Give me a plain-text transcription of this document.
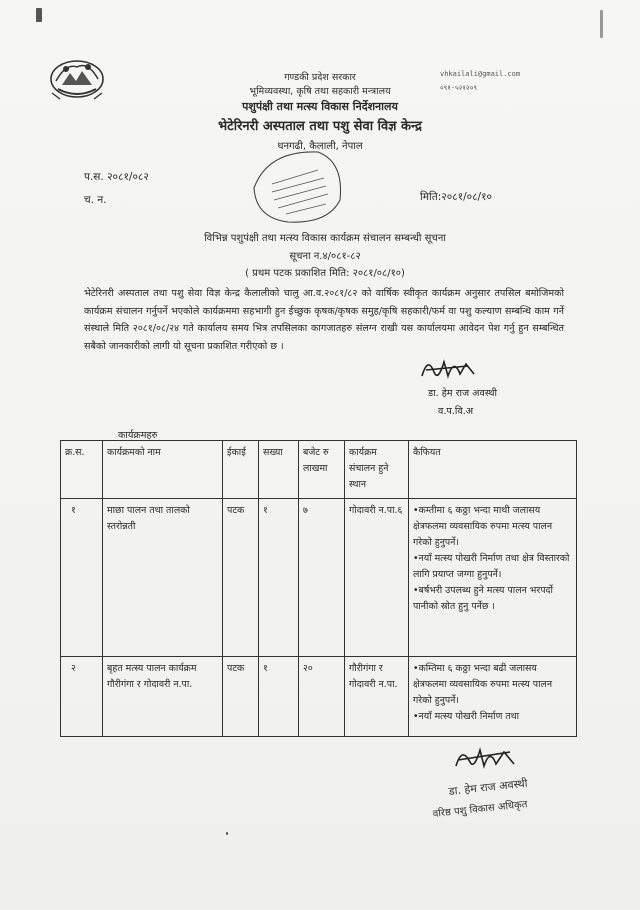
गण्डकी प्रदेश सरकार
भूमिव्यवस्था, कृषि तथा सहकारी मन्त्रालय
पशुपंक्षी तथा मत्स्य विकास निर्देशनालय
भेटेरिनरी अस्पताल तथा पशु सेवा विज्ञ केन्द्र
धनगढी, कैलाली, नेपाल
vhkailali@gmail.com
०९१-५२१२०९
प.स. २०८१/०८२
च. न.	मिति:२०८१/०८/१०
विभिन्न पशुपंक्षी तथा मत्स्य विकास कार्यक्रम संचालन सम्बन्धी सूचना
सूचना न.४/०८१-८२
( प्रथम पटक प्रकाशित मिति: २०८१/०८/१०)
भेटेरिनरी अस्पताल तथा पशु सेवा विज्ञ केन्द्र कैलालीको चालु आ.व.२०८१/८२ को वार्षिक स्वीकृत कार्यक्रम अनुसार तपसिल बमोजिमको कार्यक्रम संचालन गर्नुपर्ने भएकोले कार्यक्रममा सहभागी हुन ईच्छुक कृषक/कृषक समुह/कृषि सहकारी/फर्म वा पशु कल्याण सम्बन्धि काम गर्ने संस्थाले मिति २०८१/०८/२४ गते कार्यालय समय भित्र तपसिलका कागजातहरु संलग्न राखी यस कार्यालयमा आवेदन पेश गर्नु हुन सम्बन्धित सबैको जानकारीको लागी यो सूचना प्रकाशित गरीएको छ ।
डा. हेम राज अवस्थी
व.प.वि.अ
कार्यक्रमहरु
क्र.स.	कार्यक्रमको नाम	ईकाई	सख्या	बजेट रु लाखमा	कार्यक्रम संचालन हुने स्थान	कैफियत
१	माछा पालन तथा तालको स्तरोन्नती	पटक	१	७	गोदावरी न.पा.६	•कम्तीमा ६ कठ्ठा भन्दा माथी जलासय क्षेत्रफलमा व्यवसायिक रुपमा मत्स्य पालन गरेको हुनुपर्ने।
•नयाँ मत्स्य पोखरी निर्माण तथा क्षेत्र विस्तारको लागि प्रयाप्त जग्गा हुनुपर्ने।
•बर्षभरी उपलब्ध हुने मत्स्य पालन भरपर्दो पानीको स्रोत हुनु पर्नेछ ।

२	बृहत मत्स्य पालन कार्यक्रम गौरीगंगा र गोदावरी न.पा.	पटक	१	२०	गौरीगंगा र गोदावरी न.पा.	•कम्तिमा ६ कठ्ठा भन्दा बढी जलासय क्षेत्रफलमा व्यवसायिक रुपमा मत्स्य पालन गरेको हुनुपर्ने।
•नयाँ मत्स्य पोखरी निर्माण तथा
डा. हेम राज अवस्थी
वरिष्ठ पशु विकास अधिकृत
